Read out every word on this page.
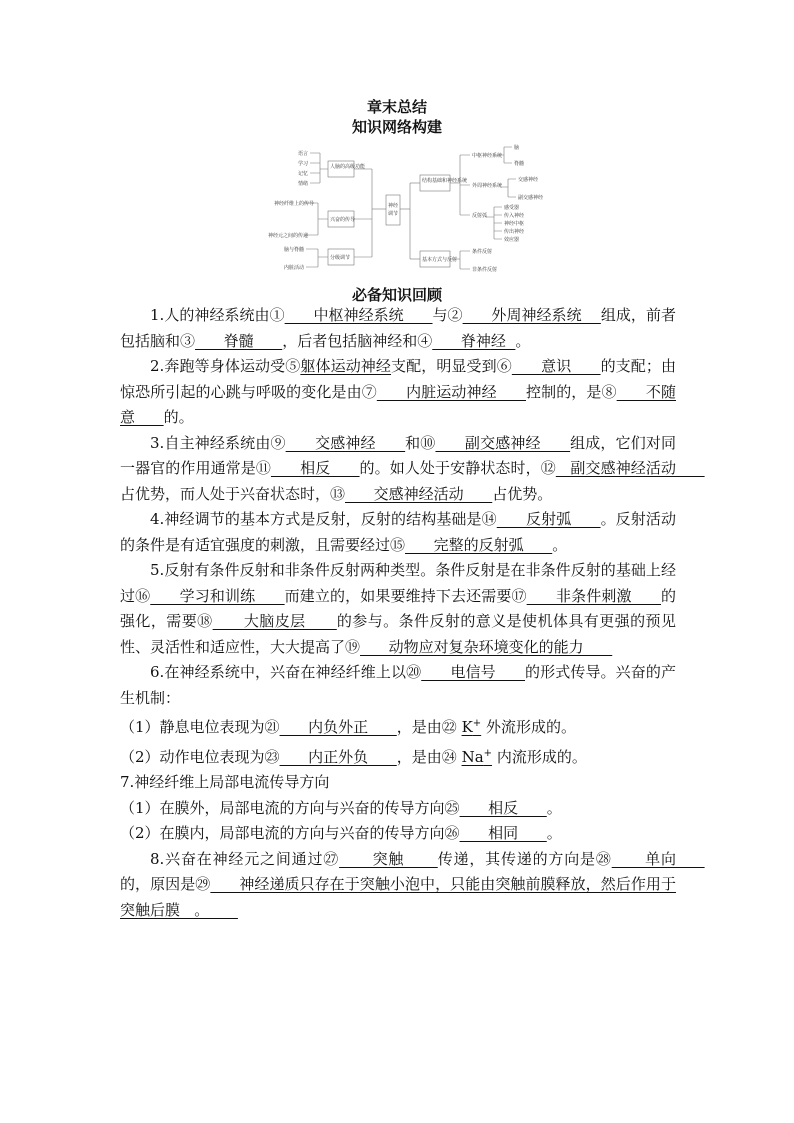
章末总结
知识网络构建
神经
调节
人脑的高级功能
兴奋的传导
分级调节
语言
学习
记忆
情绪
神经纤维上的传导
神经元之间的传递
脑与脊髓
内脏活动
结构基础和神经系统
基本方式与反射
中枢神经系统
外周神经系统
反射弧
脑
脊髓
交感神经
副交感神经
感受器
传入神经
神经中枢
传出神经
效应器
条件反射
非条件反射
必备知识回顾

1.人的神经系统由①      中枢神经系统      与②      外周神经系统    组成，前者包括脑和③      脊髓      ，后者包括脑神经和④      脊神经  。

2.奔跑等身体运动受⑤躯体运动神经支配，明显受到⑥      意识      的支配；由惊恐所引起的心跳与呼吸的变化是由⑦      内脏运动神经      控制的，是⑧      不随意      的。

3.自主神经系统由⑨      交感神经      和⑩      副交感神经      组成，它们对同一器官的作用通常是⑪      相反      的。如人处于安静状态时，⑫   副交感神经活动      占优势，而人处于兴奋状态时，⑬      交感神经活动      占优势。

4.神经调节的基本方式是反射，反射的结构基础是⑭      反射弧      。反射活动的条件是有适宜强度的刺激，且需要经过⑮      完整的反射弧      。

5.反射有条件反射和非条件反射两种类型。条件反射是在非条件反射的基础上经过⑯      学习和训练      而建立的，如果要维持下去还需要⑰      非条件刺激      的强化，需要⑱      大脑皮层      的参与。条件反射的意义是使机体具有更强的预见性、灵活性和适应性，大大提高了⑲      动物应对复杂环境变化的能力

6.在神经系统中，兴奋在神经纤维上以⑳      电信号      的形式传导。兴奋的产生机制：

（1）静息电位表现为㉑      内负外正      ，是由㉒ K+ 外流形成的。

（2）动作电位表现为㉓      内正外负      ，是由㉔ Na+ 内流形成的。

7.神经纤维上局部电流传导方向

（1）在膜外，局部电流的方向与兴奋的传导方向㉕      相反      。

（2）在膜内，局部电流的方向与兴奋的传导方向㉖      相同      。

8.兴奋在神经元之间通过㉗      突触      传递，其传递的方向是㉘      单向      的，原因是㉙      神经递质只存在于突触小泡中，只能由突触前膜释放，然后作用于突触后膜   。
